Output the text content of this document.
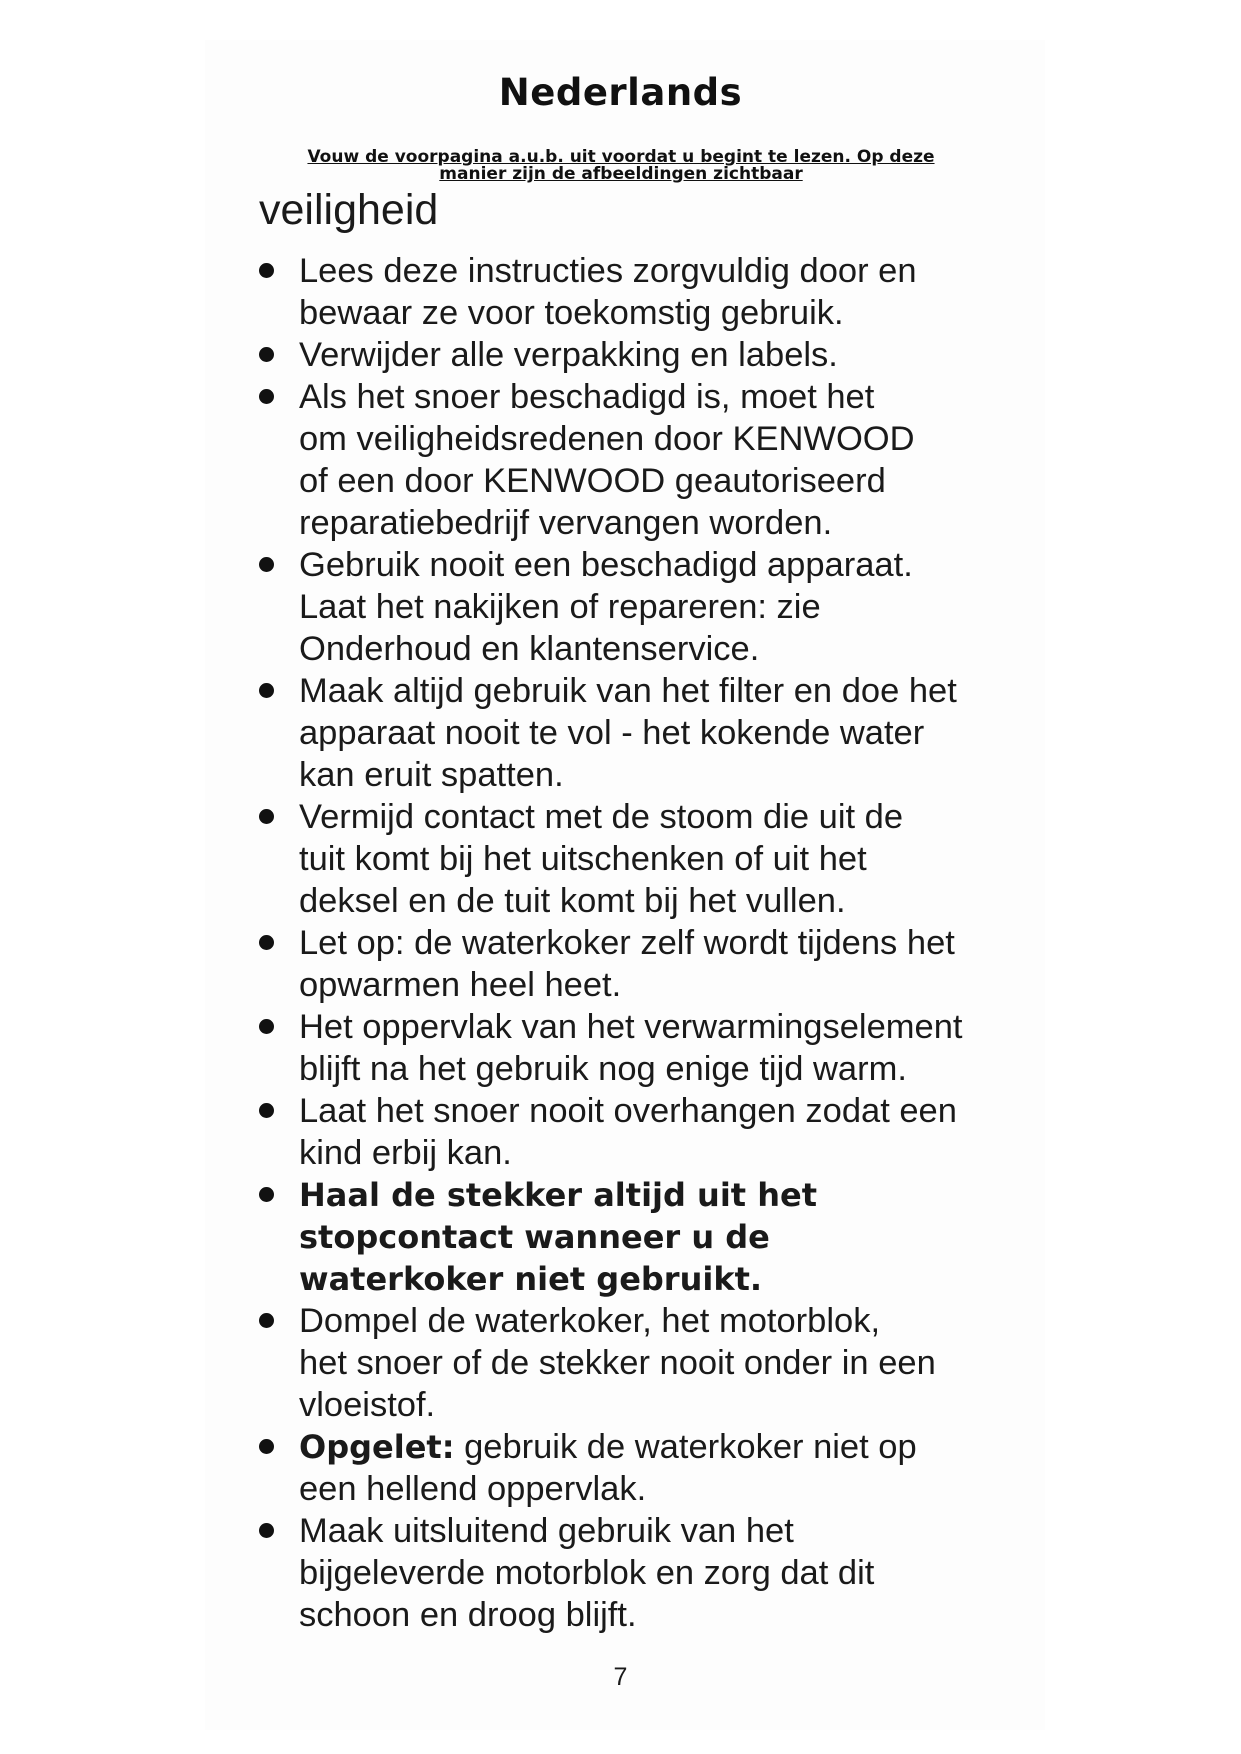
Nederlands

Vouw de voorpagina a.u.b. uit voordat u begint te lezen. Op deze manier zijn de afbeeldingen zichtbaar

veiligheid
Lees deze instructies zorgvuldig door en
bewaar ze voor toekomstig gebruik.
Verwijder alle verpakking en labels.
Als het snoer beschadigd is, moet het
om veiligheidsredenen door KENWOOD
of een door KENWOOD geautoriseerd
reparatiebedrijf vervangen worden.
Gebruik nooit een beschadigd apparaat.
Laat het nakijken of repareren: zie
Onderhoud en klantenservice.
Maak altijd gebruik van het filter en doe het
apparaat nooit te vol - het kokende water
kan eruit spatten.
Vermijd contact met de stoom die uit de
tuit komt bij het uitschenken of uit het
deksel en de tuit komt bij het vullen.
Let op: de waterkoker zelf wordt tijdens het
opwarmen heel heet.
Het oppervlak van het verwarmingselement
blijft na het gebruik nog enige tijd warm.
Laat het snoer nooit overhangen zodat een
kind erbij kan.
Haal de stekker altijd uit het
stopcontact wanneer u de
waterkoker niet gebruikt.
Dompel de waterkoker, het motorblok,
het snoer of de stekker nooit onder in een
vloeistof.
Opgelet: gebruik de waterkoker niet op
een hellend oppervlak.
Maak uitsluitend gebruik van het
bijgeleverde motorblok en zorg dat dit
schoon en droog blijft.
7
